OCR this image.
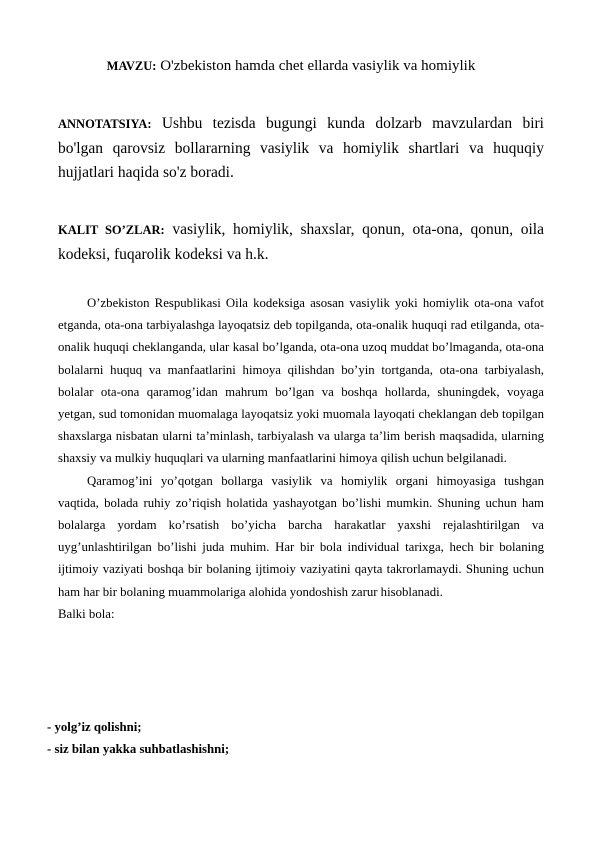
MAVZU: O'zbekiston hamda chet ellarda vasiylik va homiylik
ANNOTATSIYA: Ushbu tezisda bugungi kunda dolzarb mavzulardan biri bo'lgan qarovsiz bollararning vasiylik va homiylik shartlari va huquqiy hujjatlari haqida so'z boradi.
KALIT SO’ZLAR: vasiylik, homiylik, shaxslar, qonun, ota-ona, qonun, oila kodeksi, fuqarolik kodeksi va h.k.

O’zbekiston Respublikasi Oila kodeksiga asosan vasiylik yoki homiylik ota-ona vafot etganda, ota-ona tarbiyalashga layoqatsiz deb topilganda, ota-onalik huquqi rad etilganda, ota-onalik huquqi cheklanganda, ular kasal bo’lganda, ota-ona uzoq muddat bo’lmaganda, ota-ona bolalarni huquq va manfaatlarini himoya qilishdan bo’yin tortganda, ota-ona tarbiyalash, bolalar ota-ona qaramog’idan mahrum bo’lgan va boshqa hollarda, shuningdek, voyaga yetgan, sud tomonidan muomalaga layoqatsiz yoki muomala layoqati cheklangan deb topilgan shaxslarga nisbatan ularni ta’minlash, tarbiyalash va ularga ta’lim berish maqsadida, ularning shaxsiy va mulkiy huquqlari va ularning manfaatlarini himoya qilish uchun belgilanadi.

Qaramog’ini yo’qotgan bollarga vasiylik va homiylik organi himoyasiga tushgan vaqtida, bolada ruhiy zo’riqish holatida yashayotgan bo’lishi mumkin. Shuning uchun ham bolalarga yordam ko’rsatish bo’yicha barcha harakatlar yaxshi rejalashtirilgan va uyg’unlashtirilgan bo’lishi juda muhim. Har bir bola individual tarixga, hech bir bolaning ijtimoiy vaziyati boshqa bir bolaning ijtimoiy vaziyatini qayta takrorlamaydi. Shuning uchun ham har bir bolaning muammolariga alohida yondoshish zarur hisoblanadi.

Balki bola:

- yolg’iz qolishni;
- siz bilan yakka suhbatlashishni;
